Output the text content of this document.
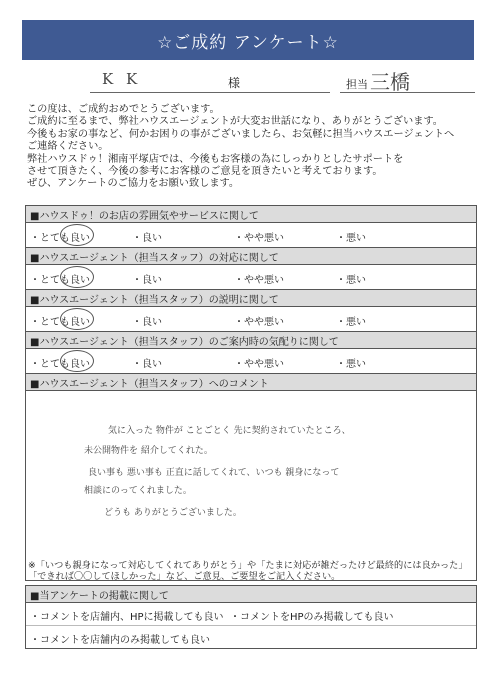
☆ご成約 アンケート☆
K K	様	担当 三橋
この度は、ご成約おめでとうございます。
ご成約に至るまで、弊社ハウスエージェントが大変お世話になり、ありがとうございます。
今後もお家の事など、何かお困りの事がございましたら、お気軽に担当ハウスエージェントへ
ご連絡ください。
弊社ハウスドゥ！湘南平塚店では、今後もお客様の為にしっかりとしたサポートを
させて頂きたく、今後の参考にお客様のご意見を頂きたいと考えております。
ぜひ、アンケートのご協力をお願い致します。
■ハウスドゥ！のお店の雰囲気やサービスに関して
・とても良い	・良い	・やや悪い	・悪い
■ハウスエージェント（担当スタッフ）の対応に関して
・とても良い	・良い	・やや悪い	・悪い
■ハウスエージェント（担当スタッフ）の説明に関して
・とても良い	・良い	・やや悪い	・悪い
■ハウスエージェント（担当スタッフ）のご案内時の気配りに関して
・とても良い	・良い	・やや悪い	・悪い
■ハウスエージェント（担当スタッフ）へのコメント
気に入った 物件が ことごとく 先に契約されていたところ、
未公開物件を 紹介してくれた。
良い事も 悪い事も 正直に話してくれて、いつも 親身になって
相談にのってくれました。
どうも ありがとうございました。
※「いつも親身になって対応してくれてありがとう」や「たまに対応が雑だったけど最終的には良かった」
「できれば〇〇してほしかった」など、ご意見、ご要望をご記入ください。
■当アンケートの掲載に関して
・コメントを店舗内、HPに掲載しても良い ・コメントをHPのみ掲載しても良い
・コメントを店舗内のみ掲載しても良い
